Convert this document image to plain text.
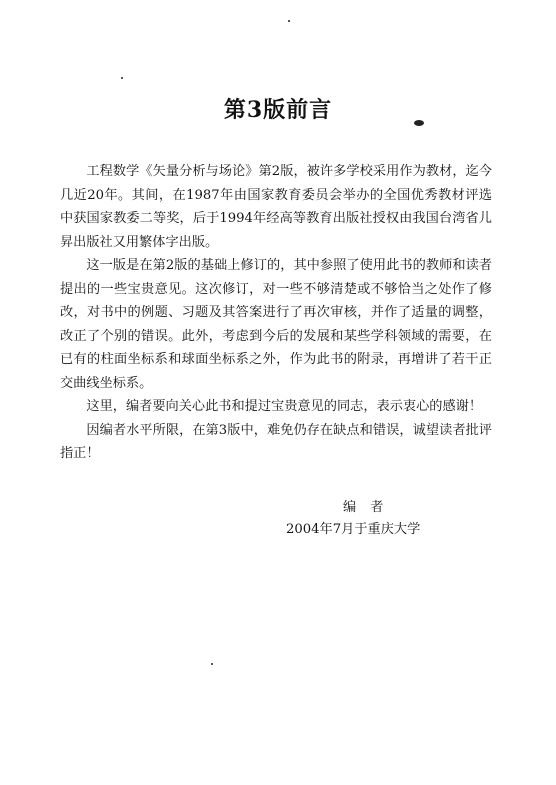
第3版前言

工程数学《矢量分析与场论》第2版，被许多学校采用作为教材，迄今几近20年。其间，在1987年由国家教育委员会举办的全国优秀教材评选中获国家教委二等奖，后于1994年经高等教育出版社授权由我国台湾省儿昇出版社又用繁体字出版。

这一版是在第2版的基础上修订的，其中参照了使用此书的教师和读者提出的一些宝贵意见。这次修订，对一些不够清楚或不够恰当之处作了修改，对书中的例题、习题及其答案进行了再次审核，并作了适量的调整，改正了个别的错误。此外，考虑到今后的发展和某些学科领域的需要，在已有的柱面坐标系和球面坐标系之外，作为此书的附录，再增讲了若干正交曲线坐标系。

这里，编者要向关心此书和提过宝贵意见的同志，表示衷心的感谢！

因编者水平所限，在第3版中，难免仍存在缺点和错误，诚望读者批评指正！

编者
2004年7月于重庆大学
